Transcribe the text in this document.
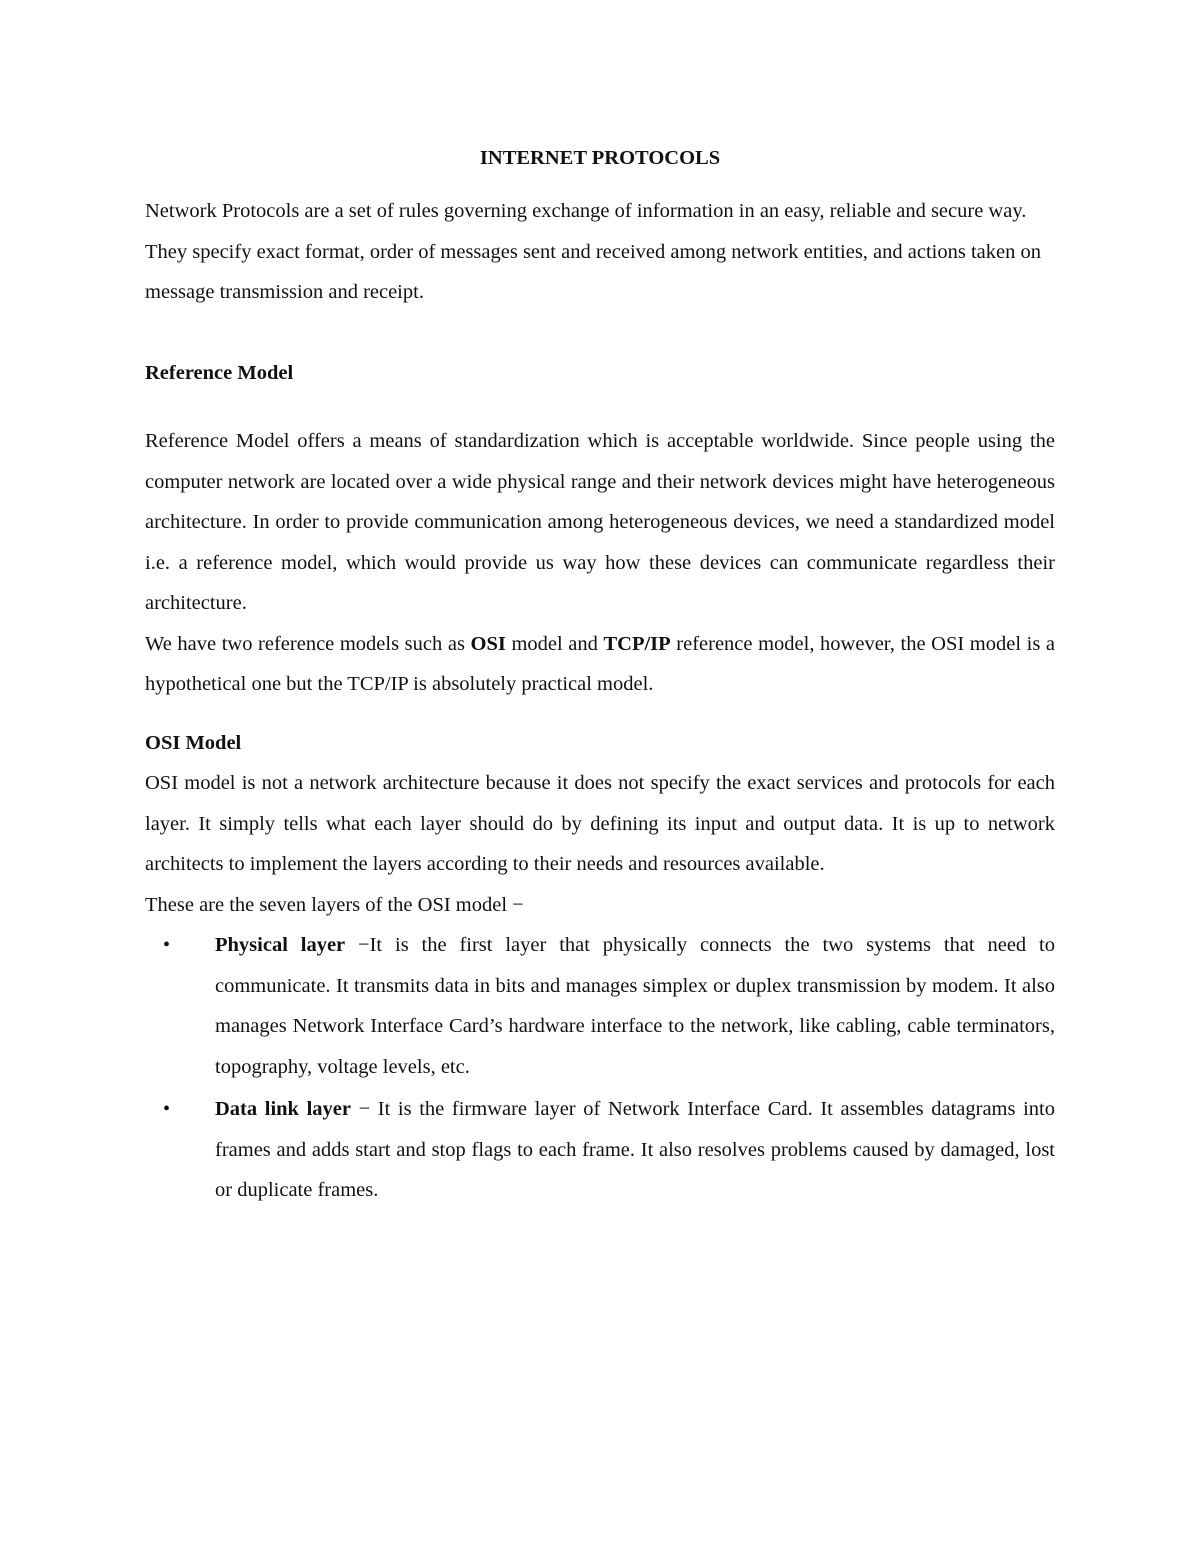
INTERNET PROTOCOLS

Network Protocols are a set of rules governing exchange of information in an easy, reliable and secure way.

They specify exact format, order of messages sent and received among network entities, and actions taken on message transmission and receipt.

Reference Model

Reference Model offers a means of standardization which is acceptable worldwide. Since people using the computer network are located over a wide physical range and their network devices might have heterogeneous architecture. In order to provide communication among heterogeneous devices, we need a standardized model i.e. a reference model, which would provide us way how these devices can communicate regardless their architecture.

We have two reference models such as OSI model and TCP/IP reference model, however, the OSI model is a hypothetical one but the TCP/IP is absolutely practical model.

OSI Model

OSI model is not a network architecture because it does not specify the exact services and protocols for each layer. It simply tells what each layer should do by defining its input and output data. It is up to network architects to implement the layers according to their needs and resources available.

These are the seven layers of the OSI model −

• Physical layer −It is the first layer that physically connects the two systems that need to communicate. It transmits data in bits and manages simplex or duplex transmission by modem. It also manages Network Interface Card’s hardware interface to the network, like cabling, cable terminators, topography, voltage levels, etc.
• Data link layer − It is the firmware layer of Network Interface Card. It assembles datagrams into frames and adds start and stop flags to each frame. It also resolves problems caused by damaged, lost or duplicate frames.
